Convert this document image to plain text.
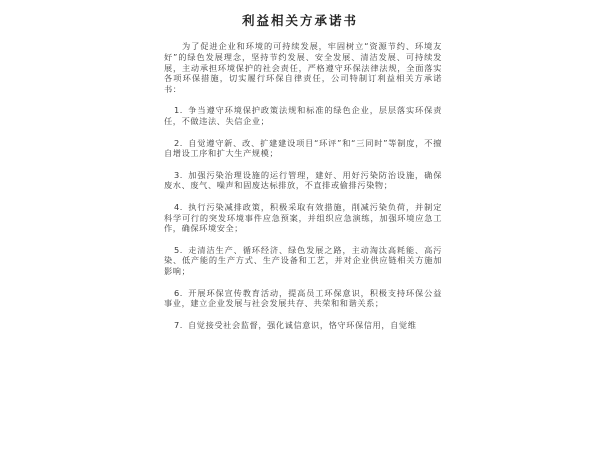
利益相关方承诺书

为了促进企业和环境的可持续发展，牢固树立“资源节约、环境友好”的绿色发展理念，坚持节约发展、安全发展、清洁发展、可持续发展，主动承担环境保护的社会责任，严格遵守环保法律法规，全面落实各项环保措施，切实履行环保自律责任，公司特制订利益相关方承诺书：

1. 争当遵守环境保护政策法规和标准的绿色企业，层层落实环保责任，不做违法、失信企业；

2. 自觉遵守新、改、扩建建设项目“环评”和“三同时”等制度，不擅自增设工序和扩大生产规模；

3. 加强污染治理设施的运行管理，建好、用好污染防治设施，确保废水、废气、噪声和固废达标排放，不直排或偷排污染物；

4. 执行污染减排政策，积极采取有效措施，削减污染负荷，并制定科学可行的突发环境事件应急预案，并组织应急演练，加强环境应急工作，确保环境安全；

5. 走清洁生产、循环经济、绿色发展之路，主动淘汰高耗能、高污染、低产能的生产方式、生产设备和工艺，并对企业供应链相关方施加影响；

6. 开展环保宣传教育活动，提高员工环保意识，积极支持环保公益事业，建立企业发展与社会发展共存、共荣和和谐关系；

7. 自觉接受社会监督，强化诚信意识，恪守环保信用，自觉维
